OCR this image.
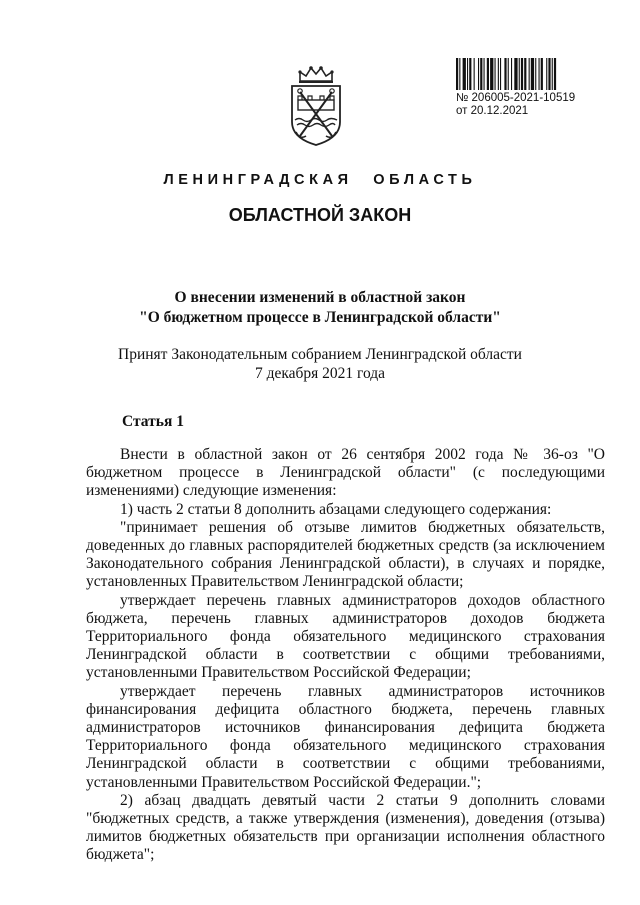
№ 206005-2021-10519
от 20.12.2021
ЛЕНИНГРАДСКАЯ ОБЛАСТЬ
ОБЛАСТНОЙ ЗАКОН
О внесении изменений в областной закон
"О бюджетном процессе в Ленинградской области"
Принят Законодательным собранием Ленинградской области
7 декабря 2021 года
Статья 1

Внести в областной закон от 26 сентября 2002 года № 36-оз "О бюджетном процессе в Ленинградской области" (с последующими изменениями) следующие изменения:

1) часть 2 статьи 8 дополнить абзацами следующего содержания:

"принимает решения об отзыве лимитов бюджетных обязательств, доведенных до главных распорядителей бюджетных средств (за исключением Законодательного собрания Ленинградской области), в случаях и порядке, установленных Правительством Ленинградской области;

утверждает перечень главных администраторов доходов областного бюджета, перечень главных администраторов доходов бюджета Территориального фонда обязательного медицинского страхования Ленинградской области в соответствии с общими требованиями, установленными Правительством Российской Федерации;

утверждает перечень главных администраторов источников финансирования дефицита областного бюджета, перечень главных администраторов источников финансирования дефицита бюджета Территориального фонда обязательного медицинского страхования Ленинградской области в соответствии с общими требованиями, установленными Правительством Российской Федерации.";

2) абзац двадцать девятый части 2 статьи 9 дополнить словами "бюджетных средств, а также утверждения (изменения), доведения (отзыва) лимитов бюджетных обязательств при организации исполнения областного бюджета";
